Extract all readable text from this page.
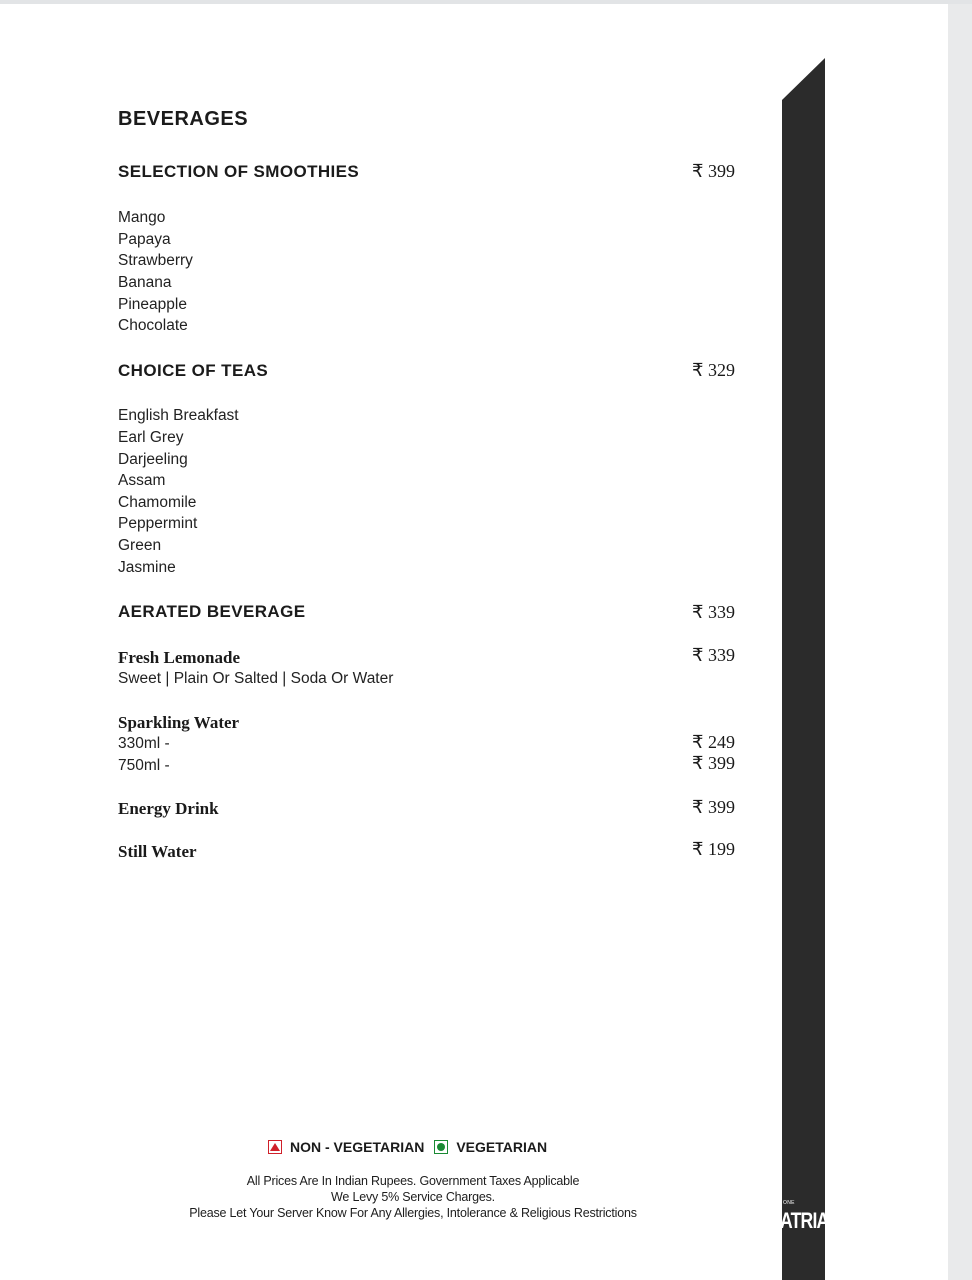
ONE
ATRIA
BEVERAGES
SELECTION OF SMOOTHIES	₹ 399
Mango
Papaya
Strawberry
Banana
Pineapple
Chocolate
CHOICE OF TEAS	₹ 329
English Breakfast
Earl Grey
Darjeeling
Assam
Chamomile
Peppermint
Green
Jasmine
AERATED BEVERAGE	₹ 339
Fresh Lemonade	₹ 339
Sweet | Plain Or Salted | Soda Or Water
Sparkling Water
330ml -	₹ 249
750ml -	₹ 399
Energy Drink	₹ 399
Still Water	₹ 199
NON - VEGETARIAN VEGETARIAN
All Prices Are In Indian Rupees. Government Taxes Applicable
We Levy 5% Service Charges.
Please Let Your Server Know For Any Allergies, Intolerance & Religious Restrictions
